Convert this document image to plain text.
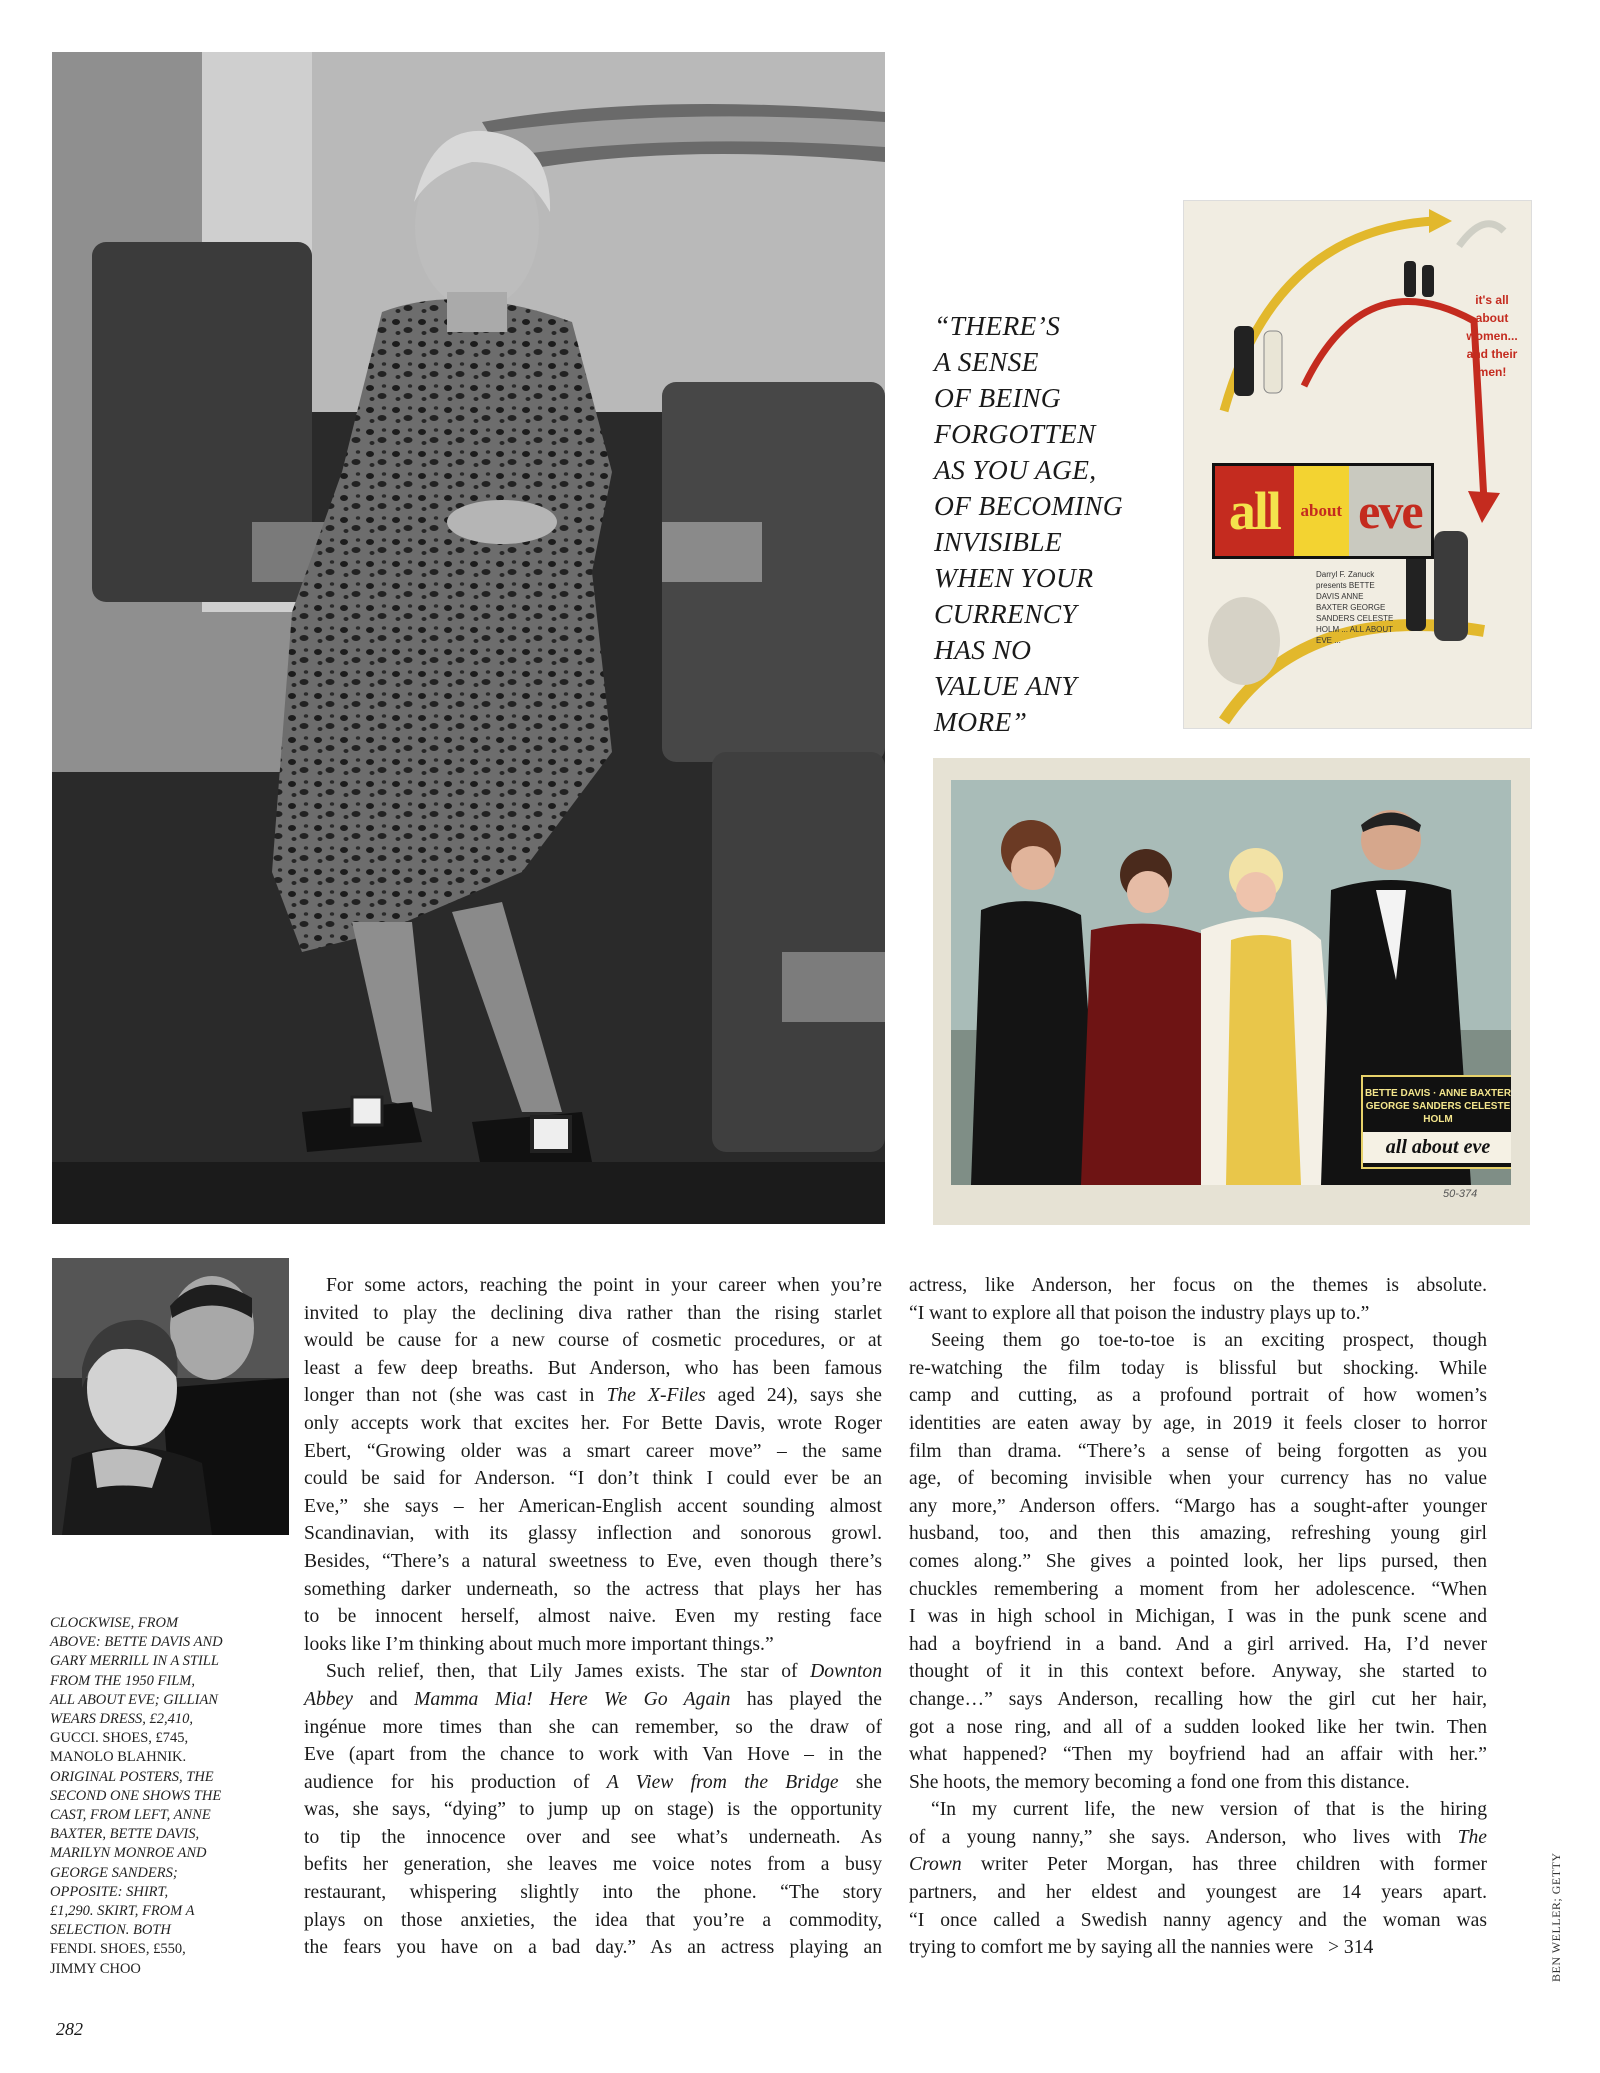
“THERE’S
A SENSE
OF BEING
FORGOTTEN
AS YOU AGE,
OF BECOMING
INVISIBLE
WHEN YOUR
CURRENCY
HAS NO
VALUE ANY
MORE”
all	about eve
it's all about women... and their men!
Darryl F. Zanuck presents BETTE DAVIS ANNE BAXTER GEORGE SANDERS CELESTE HOLM ... ALL ABOUT EVE ...
BETTE DAVIS · ANNE BAXTER GEORGE SANDERS CELESTE HOLM
all about eve
50-374
CLOCKWISE, FROM
ABOVE: BETTE DAVIS AND
GARY MERRILL IN A STILL
FROM THE 1950 FILM,
ALL ABOUT EVE; GILLIAN
WEARS DRESS, £2,410,
GUCCI. SHOES, £745,
MANOLO BLAHNIK.
ORIGINAL POSTERS, THE
SECOND ONE SHOWS THE
CAST, FROM LEFT, ANNE
BAXTER, BETTE DAVIS,
MARILYN MONROE AND
GEORGE SANDERS;
OPPOSITE: SHIRT,
£1,290. SKIRT, FROM A
SELECTION. BOTH
FENDI. SHOES, £550,
JIMMY CHOO
For some actors, reaching the point in your career when you’re
invited to play the declining diva rather than the rising starlet
would be cause for a new course of cosmetic procedures, or at
least a few deep breaths. But Anderson, who has been famous
longer than not (she was cast in The X-Files aged 24), says she
only accepts work that excites her. For Bette Davis, wrote Roger
Ebert, “Growing older was a smart career move” – the same
could be said for Anderson. “I don’t think I could ever be an
Eve,” she says – her American-English accent sounding almost
Scandinavian, with its glassy inflection and sonorous growl.
Besides, “There’s a natural sweetness to Eve, even though there’s
something darker underneath, so the actress that plays her has
to be innocent herself, almost naive. Even my resting face
looks like I’m thinking about much more important things.”
Such relief, then, that Lily James exists. The star of Downton
Abbey and Mamma Mia! Here We Go Again has played the
ingénue more times than she can remember, so the draw of
Eve (apart from the chance to work with Van Hove – in the
audience for his production of A View from the Bridge she
was, she says, “dying” to jump up on stage) is the opportunity
to tip the innocence over and see what’s underneath. As
befits her generation, she leaves me voice notes from a busy
restaurant, whispering slightly into the phone. “The story
plays on those anxieties, the idea that you’re a commodity,
the fears you have on a bad day.” As an actress playing an
actress, like Anderson, her focus on the themes is absolute.
“I want to explore all that poison the industry plays up to.”
Seeing them go toe-to-toe is an exciting prospect, though
re-watching the film today is blissful but shocking. While
camp and cutting, as a profound portrait of how women’s
identities are eaten away by age, in 2019 it feels closer to horror
film than drama. “There’s a sense of being forgotten as you
age, of becoming invisible when your currency has no value
any more,” Anderson offers. “Margo has a sought-after younger
husband, too, and then this amazing, refreshing young girl
comes along.” She gives a pointed look, her lips pursed, then
chuckles remembering a moment from her adolescence. “When
I was in high school in Michigan, I was in the punk scene and
had a boyfriend in a band. And a girl arrived. Ha, I’d never
thought of it in this context before. Anyway, she started to
change…” says Anderson, recalling how the girl cut her hair,
got a nose ring, and all of a sudden looked like her twin. Then
what happened? “Then my boyfriend had an affair with her.”
She hoots, the memory becoming a fond one from this distance.
“In my current life, the new version of that is the hiring
of a young nanny,” she says. Anderson, who lives with The
Crown writer Peter Morgan, has three children with former
partners, and her eldest and youngest are 14 years apart.
“I once called a Swedish nanny agency and the woman was
trying to comfort me by saying all the nannies were   > 314
282
BEN WELLER; GETTY
